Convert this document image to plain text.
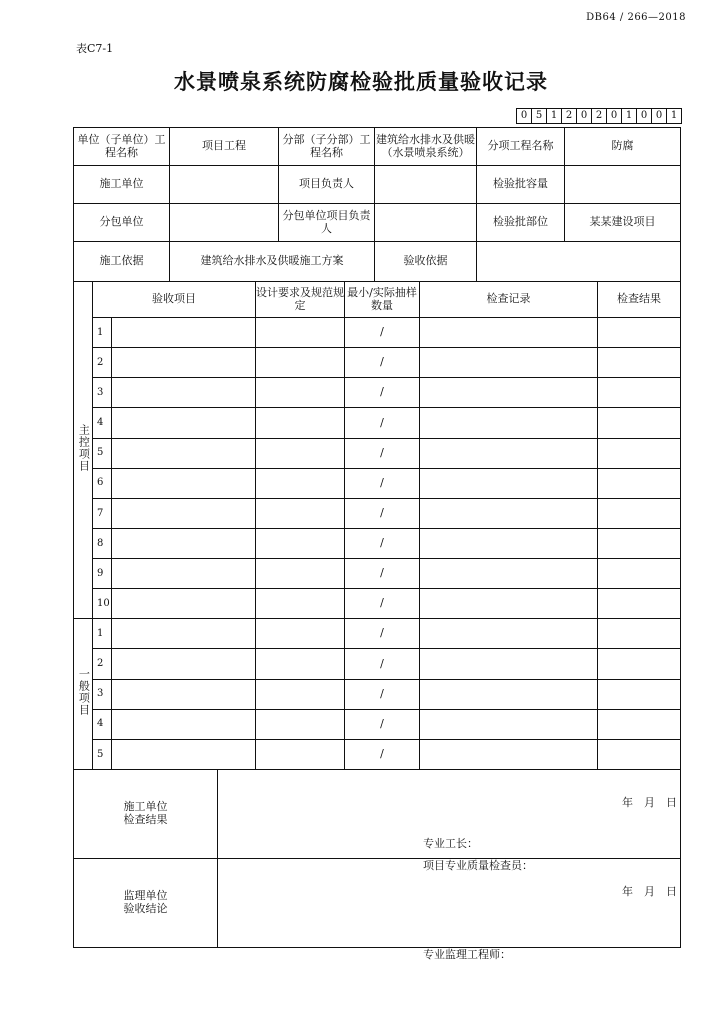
DB64 / 266—2018
表C7-1
水景喷泉系统防腐检验批质量验收记录
0 5 1 2 0 2 0 1 0 0 1
单位（子单位）工程名称	项目工程	分部（子分部）工程名称	建筑给水排水及供暖（水景喷泉系统）	分项工程名称	防腐
施工单位		项目负责人		检验批容量	
分包单位		分包单位项目负责人		检验批部位	某某建设项目
施工依据	建筑给水排水及供暖施工方案		验收依据		
主控项目	验收项目		设计要求及规范规定	最小/实际抽样数量	检查记录	检查结果
	1			/		
	2			/		
	3			/		
	4			/		
	5			/		
	6			/		
	7			/		
	8			/		
	9			/		
	10			/		
一般项目	1			/		
	2			/		
	3			/		
	4			/		
	5			/		
施工单位检查结果	专业工长：
项目专业质量检查员：
年　月　日

监理单位验收结论	专业监理工程师：
年　月　日
